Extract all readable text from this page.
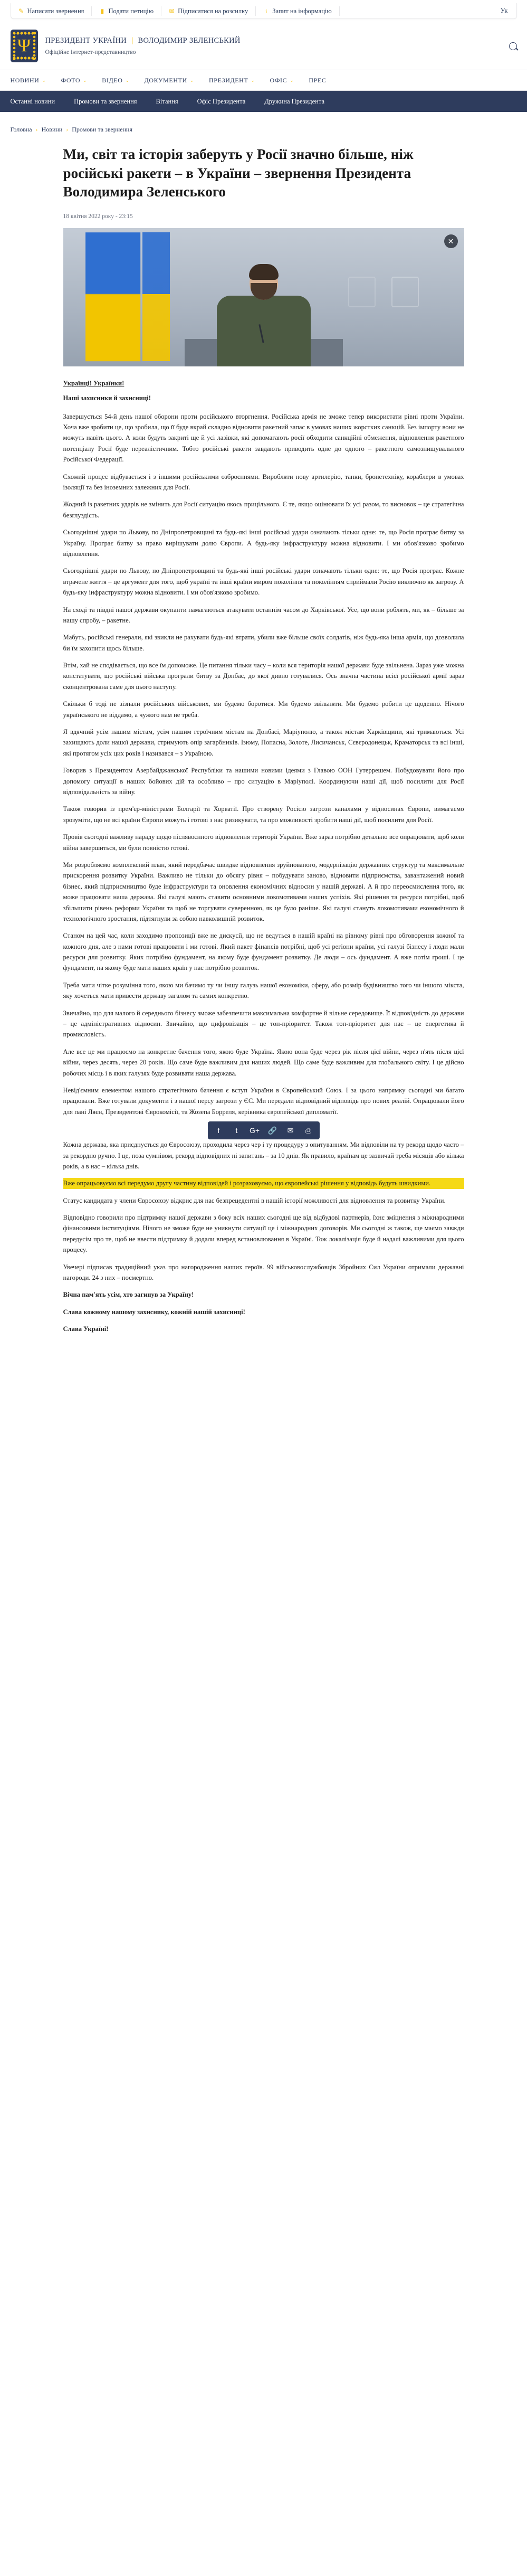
✎ Написати звернення	▮ Подати петицію ✉ Підписатися на розсилку	i Запит на інформацію	Ук
Ψ ПРЕЗИДЕНТ УКРАЇНИ | ВОЛОДИМИР ЗЕЛЕНСЬКИЙ
Офіційне інтернет-представництво
НОВИНИ ⌄ ФОТО ⌄ ВІДЕО ⌄ ДОКУМЕНТИ ⌄ ПРЕЗИДЕНТ ⌄ ОФІС ⌄ ПРЕС
Останні новини	Промови та звернення	Вітання	Офіс Президента	Дружина Президента
Головна › Новини › Промови та звернення
Ми, світ та історія заберуть у Росії значно більше, ніж російські ракети – в України – звернення Президента Володимира Зеленського
18 квітня 2022 року - 23:15
✕
Українці! Українки!
Наші захисники й захисниці!

Завершується 54-й день нашої оборони проти російського вторгнення. Російська армія не зможе тепер використати рівні проти України. Хоча вже зробити це, що зробила, що її буде вкрай складно відновити ракетний запас в умовах наших жорстких санкцій. Без імпорту вони не можуть навіть цього. А коли будуть закриті ще й усі лазівки, які допомагають росії обходити санкційні обмеження, відновлення ракетного потенціалу Росії буде нереалістичним. Тобто російські ракети завдають приводить одне до одного – ракетного самознищувального Російської Федерації.

Схожий процес відбувається і з іншими російськими озброєннями. Виробляти нову артилерію, танки, бронетехніку, кораблери в умовах ізоляції та без іноземних залежних для Росії.

Жодний із ракетних ударів не змінить для Росії ситуацію якось прицільного. Є те, якщо оцінювати їх усі разом, то висновок – це стратегічна безглуздість.

Сьогоднішні удари по Львову, по Дніпропетровщині та будь-які інші російські удари означають тільки одне: те, що Росія програє битву за Україну. Програє битву за право вирішувати долю Європи. А будь-яку інфраструктуру можна відновити. І ми обов'язково зробимо відновлення.

Сьогоднішні удари по Львову, по Дніпропетровщині та будь-які інші російські удари означають тільки одне: те, що Росія програє. Кожне втрачене життя – це аргумент для того, щоб україні та інші країни миром покоління та поколінням сприймали Росію виключно як загрозу. А будь-яку інфраструктуру можна відновити. І ми обов'язково зробимо.

На сході та півдні нашої держави окупанти намагаються атакувати останнім часом до Харківської. Усе, що вони роблять, ми, як – більше за нашу спробу, – ракетне.

Мабуть, російські генерали, які звикли не рахувати будь-які втрати, убили вже більше своїх солдатів, ніж будь-яка інша армія, що дозволила би їм захопити щось більше.

Втім, хай не сподівається, що все їм допоможе. Це питання тільки часу – коли вся територія нашої держави буде звільнена. Зараз уже можна констатувати, що російські війська програли битву за Донбас, до якої дивно готувалися. Ось значна частина всієї російської армії зараз сконцентрована саме для цього наступу.

Скільки б тоді не зізнали російських військових, ми будемо боротися. Ми будемо звільняти. Ми будемо робити це щоденно. Нічого українського не віддамо, а чужого нам не треба.

Я вдячний усім нашим містам, усім нашим героїчним містам на Донбасі, Маріуполю, а також містам Харківщини, які тримаються. Усі захищають доли нашої держави, стримують опір загарбників. Ізюму, Попасна, Золоте, Лисичанськ, Сєвєродонецьк, Краматорськ та всі інші, які протягом усіх цих років і називався – з Україною.

Говорив з Президентом Азербайджанської Республіки та нашими новими ідеями з Главою ООН Гутеррешем. Побудовувати його про допомогу ситуації в наших бойових дій та особливо – про ситуацію в Маріуполі. Координуючи наші дії, щоб посилити для Росії відповідальність за війну.

Також говорив із прем'єр-міністрами Болгарії та Хорватії. Про створену Росією загрози каналами у відносинах Європи, вимагаємо зрозуміти, що не всі країни Європи можуть і готові з нас ризикувати, та про можливості зробити наші дії, щоб посилити для Росії.

Провів сьогодні важливу нараду щодо післявоєнного відновлення території України. Вже зараз потрібно детально все опрацювати, щоб коли війна завершиться, ми були повністю готові.

Ми розробляємо комплексний план, який передбачає швидке відновлення зруйнованого, модернізацію державних структур та максимальне прискорення розвитку України. Важливо не тільки до обсягу рівня – побудувати заново, відновити підприємства, завантажений новий бізнес, який підприємництво буде інфраструктури та оновлення економічних відносин у нашій державі. А й про переосмислення того, як може працювати наша держава. Які галузі мають ставити основними локомотивами наших успіхів. Які рішення та ресурси потрібні, щоб збільшити рівень реформи України та щоб не торгувати суверенною, як це було раніше. Які галузі стануть локомотивами економічного й технологічного зростання, підтягнули за собою навколишній розвиток.

Станом на цей час, коли заходимо пропозиції вже не дискусії, що не ведуться в нашій країні на рівному рівні про обговорення кожної та кожного дня, але з нами готові працювати і ми готові. Який пакет фінансів потрібні, щоб усі регіони країни, усі галузі бізнесу і люди мали ресурси для розвитку. Яких потрібно фундамент, на якому буде фундамент розвитку. Де люди – ось фундамент. А вже потім гроші. І це фундамент, на якому буде мати наших країн у нас потрібно розвиток.

Треба мати чітке розуміння того, якою ми бачимо ту чи іншу галузь нашої економіки, сферу, або розмір будівництво того чи іншого мікста, яку хочеться мати привести державу загалом та самих конкретно.

Звичайно, що для малого й середнього бізнесу зможе забезпечити максимальна комфортне й вільне середовище. Її відповідність до держави – це адміністративних відносин. Звичайно, що цифровізація – це топ-пріоритет. Також топ-пріоритет для нас – це енергетика й промисловість.

Але все це ми працюємо на конкретне бачення того, якою буде Україна. Якою вона буде через рік після цієї війни, через п'ять після цієї війни, через десять, через 20 років. Що саме буде важливим для наших людей. Що саме буде важливим для глобального світу. І це дійсно робочих місць і в яких галузях буде розвивати наша держава.

Невід'ємним елементом нашого стратегічного бачення є вступ України в Європейський Союз. І за цього напрямку сьогодні ми багато працювали. Вже готували документи і з нашої персу загрози у ЄС. Ми передали відповідний відповідь про нових реалій. Опрацювали його для пані Ляєн, Президентові Єврокомісії, та Жозепа Борреля, керівника європейської дипломатії.

f	t	G+	🔗	✉	⎙

Кожна держава, яка приєднується до Євросоюзу, проходила через чер і ту процедуру з опитуванням. Ми відповіли на ту рекорд щодо часто – за рекордно ручно. І це, поза сумнівом, рекорд відповідних ні запитань – за 10 днів. Як правило, країнам це зазвичай треба місяців або кілька років, а в нас – кілька днів.

Вже опрацьовуємо всі передумо другу частину відповідей і розраховуємо, що європейські рішення у відповідь будуть швидкими.

Статус кандидата у члени Євросоюзу відкриє для нас безпрецедентні в нашій історії можливості для відновлення та розвитку України.

Відповідно говорили про підтримку нашої держави з боку всіх наших сьогодні ще від відбудові партнерів, їхнє зміцнення з міжнародними фінансовими інституціями. Нічого не зможе буде не уникнути ситуації це і міжнародних договорів. Ми сьогодні ж також, ще маємо завжди передусім про те, щоб не ввести підтримку й додали вперед встановлювання в Україні. Тож локалізація буде й надалі важливими для цього процесу.

Увечері підписав традиційний указ про нагородження наших героїв. 99 військовослужбовців Збройних Сил України отримали державні нагороди. 24 з них – посмертно.

Вічна пам'ять усім, хто загинув за Україну!

Слава кожному нашому захиснику, кожній нашій захисниці!

Слава Україні!
